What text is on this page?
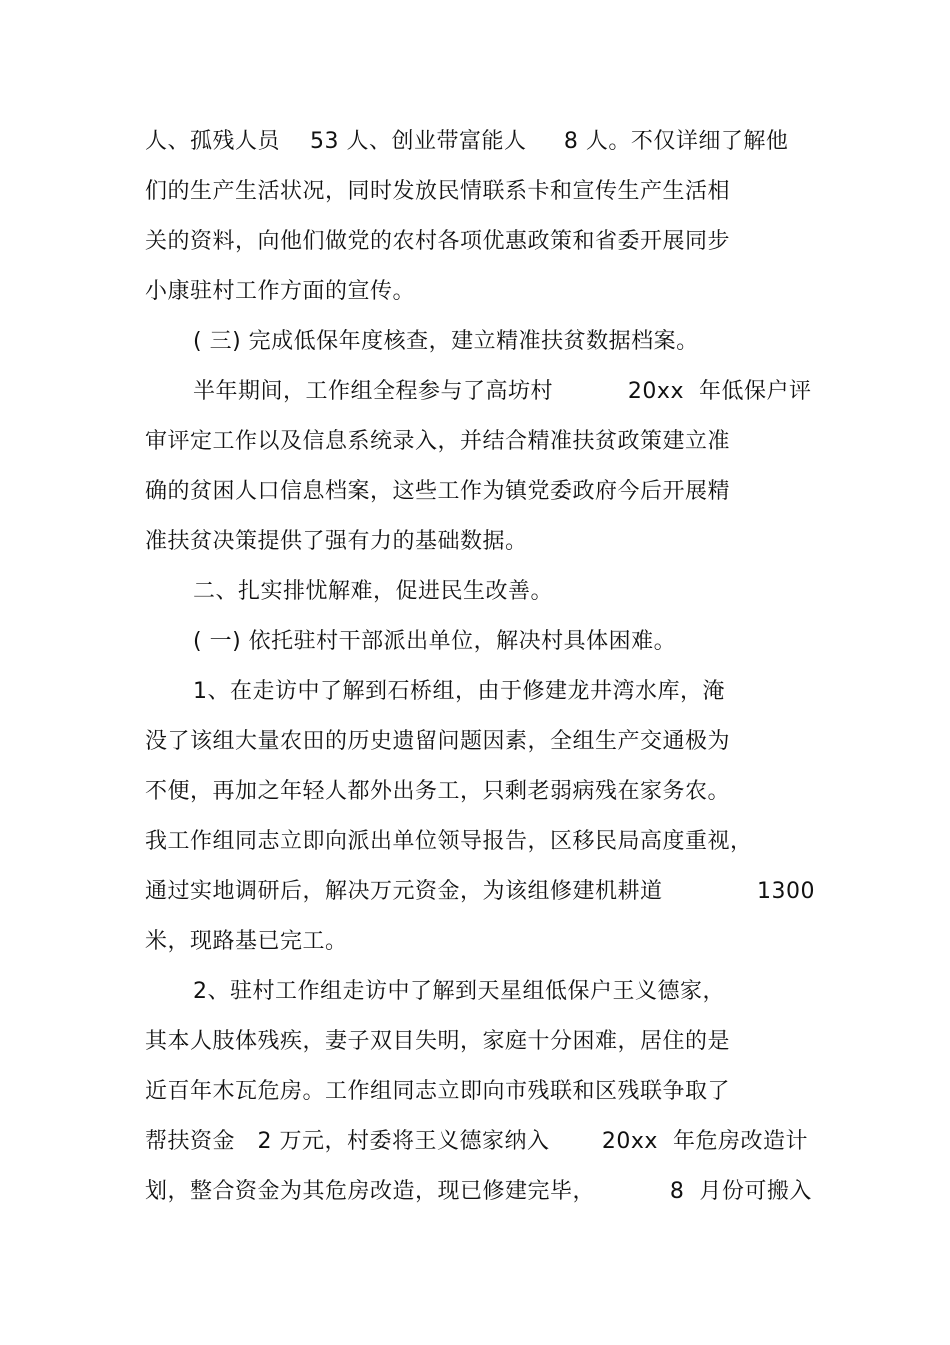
人、孤残人员    53 人、创业带富能人     8 人。不仅详细了解他
们的生产生活状况，同时发放民情联系卡和宣传生产生活相
关的资料，向他们做党的农村各项优惠政策和省委开展同步
小康驻村工作方面的宣传。
( 三) 完成低保年度核查，建立精准扶贫数据档案。
半年期间，工作组全程参与了高坊村          20xx  年低保户评
审评定工作以及信息系统录入，并结合精准扶贫政策建立准
确的贫困人口信息档案，这些工作为镇党委政府今后开展精
准扶贫决策提供了强有力的基础数据。
二、扎实排忧解难，促进民生改善。
( 一) 依托驻村干部派出单位，解决村具体困难。
1、在走访中了解到石桥组，由于修建龙井湾水库，淹
没了该组大量农田的历史遗留问题因素，全组生产交通极为
不便，再加之年轻人都外出务工，只剩老弱病残在家务农。
我工作组同志立即向派出单位领导报告，区移民局高度重视，
通过实地调研后，解决万元资金，为该组修建机耕道	1300
米，现路基已完工。
2、驻村工作组走访中了解到天星组低保户王义德家，
其本人肢体残疾，妻子双目失明，家庭十分困难，居住的是
近百年木瓦危房。工作组同志立即向市残联和区残联争取了
帮扶资金   2 万元，村委将王义德家纳入       20xx  年危房改造计
划，整合资金为其危房改造，现已修建完毕，          8  月份可搬入
